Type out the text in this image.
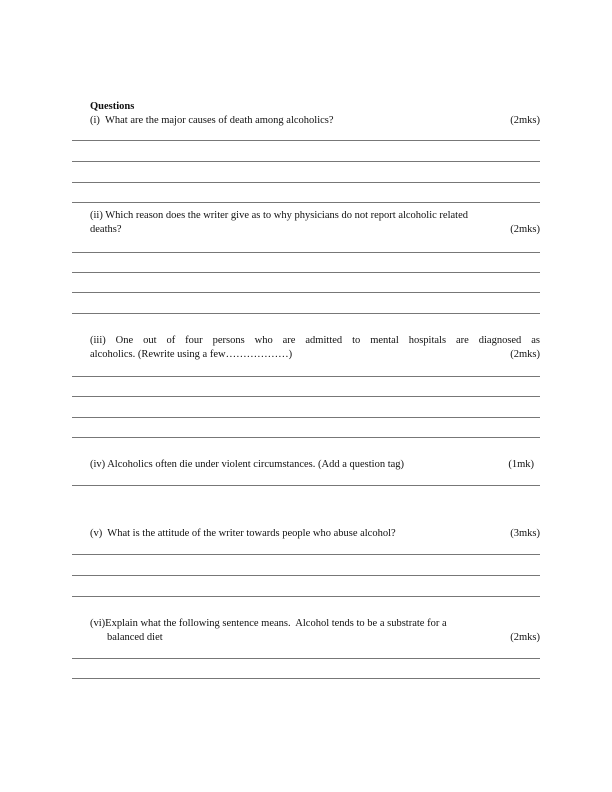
Questions
(i)  What are the major causes of death among alcoholics?	(2mks)
(ii) Which reason does the writer give as to why physicians do not report alcoholic related
deaths?	(2mks)
(iii) One out of four persons who are admitted to mental hospitals are diagnosed as
alcoholics. (Rewrite using a few………………)	(2mks)
(iv) Alcoholics often die under violent circumstances. (Add a question tag)	(1mk)
(v)  What is the attitude of the writer towards people who abuse alcohol?	(3mks)
(vi)Explain what the following sentence means.  Alcohol tends to be a substrate for a
balanced diet	(2mks)
